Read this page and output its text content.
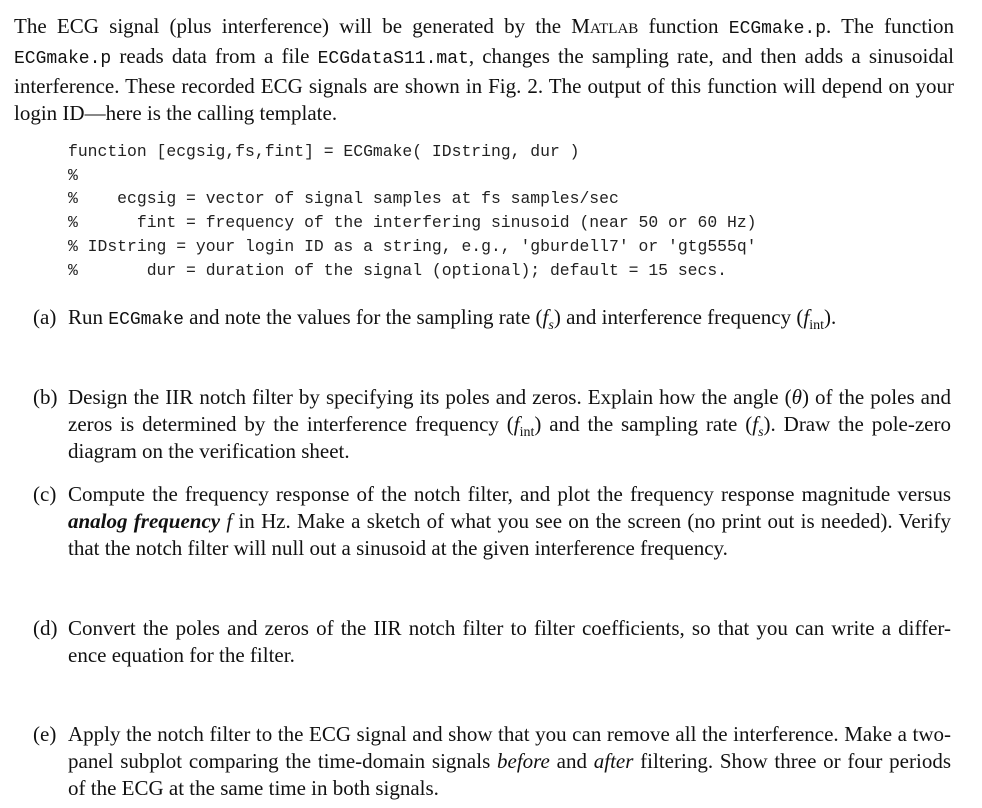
The ECG signal (plus interference) will be generated by the Matlab function ECGmake.p. The function ECGmake.p reads data from a file ECGdataS11.mat, changes the sampling rate, and then adds a sinusoidal interference. These recorded ECG signals are shown in Fig. 2. The output of this function will depend on your login ID—here is the calling template.
function [ecgsig,fs,fint] = ECGmake( IDstring, dur )
%
%    ecgsig = vector of signal samples at fs samples/sec
%      fint = frequency of the interfering sinusoid (near 50 or 60 Hz)
% IDstring = your login ID as a string, e.g., 'gburdell7' or 'gtg555q'
%       dur = duration of the signal (optional); default = 15 secs.
(a) Run ECGmake and note the values for the sampling rate $(f_s)$ and interference frequency $(f_{int})$.
(b) Design the IIR notch filter by specifying its poles and zeros. Explain how the angle (θ) of the poles and zeros is determined by the interference frequency $(f_{int})$ and the sampling rate $(f_s)$. Draw the pole-zero diagram on the verification sheet.
(c) Compute the frequency response of the notch filter, and plot the frequency response magnitude versus analog frequency f in Hz. Make a sketch of what you see on the screen (no print out is needed). Verify that the notch filter will null out a sinusoid at the given interference frequency.
(d) Convert the poles and zeros of the IIR notch filter to filter coefficients, so that you can write a differ- ence equation for the filter.
(e) Apply the notch filter to the ECG signal and show that you can remove all the interference. Make a two-panel subplot comparing the time-domain signals before and after filtering. Show three or four periods of the ECG at the same time in both signals.
